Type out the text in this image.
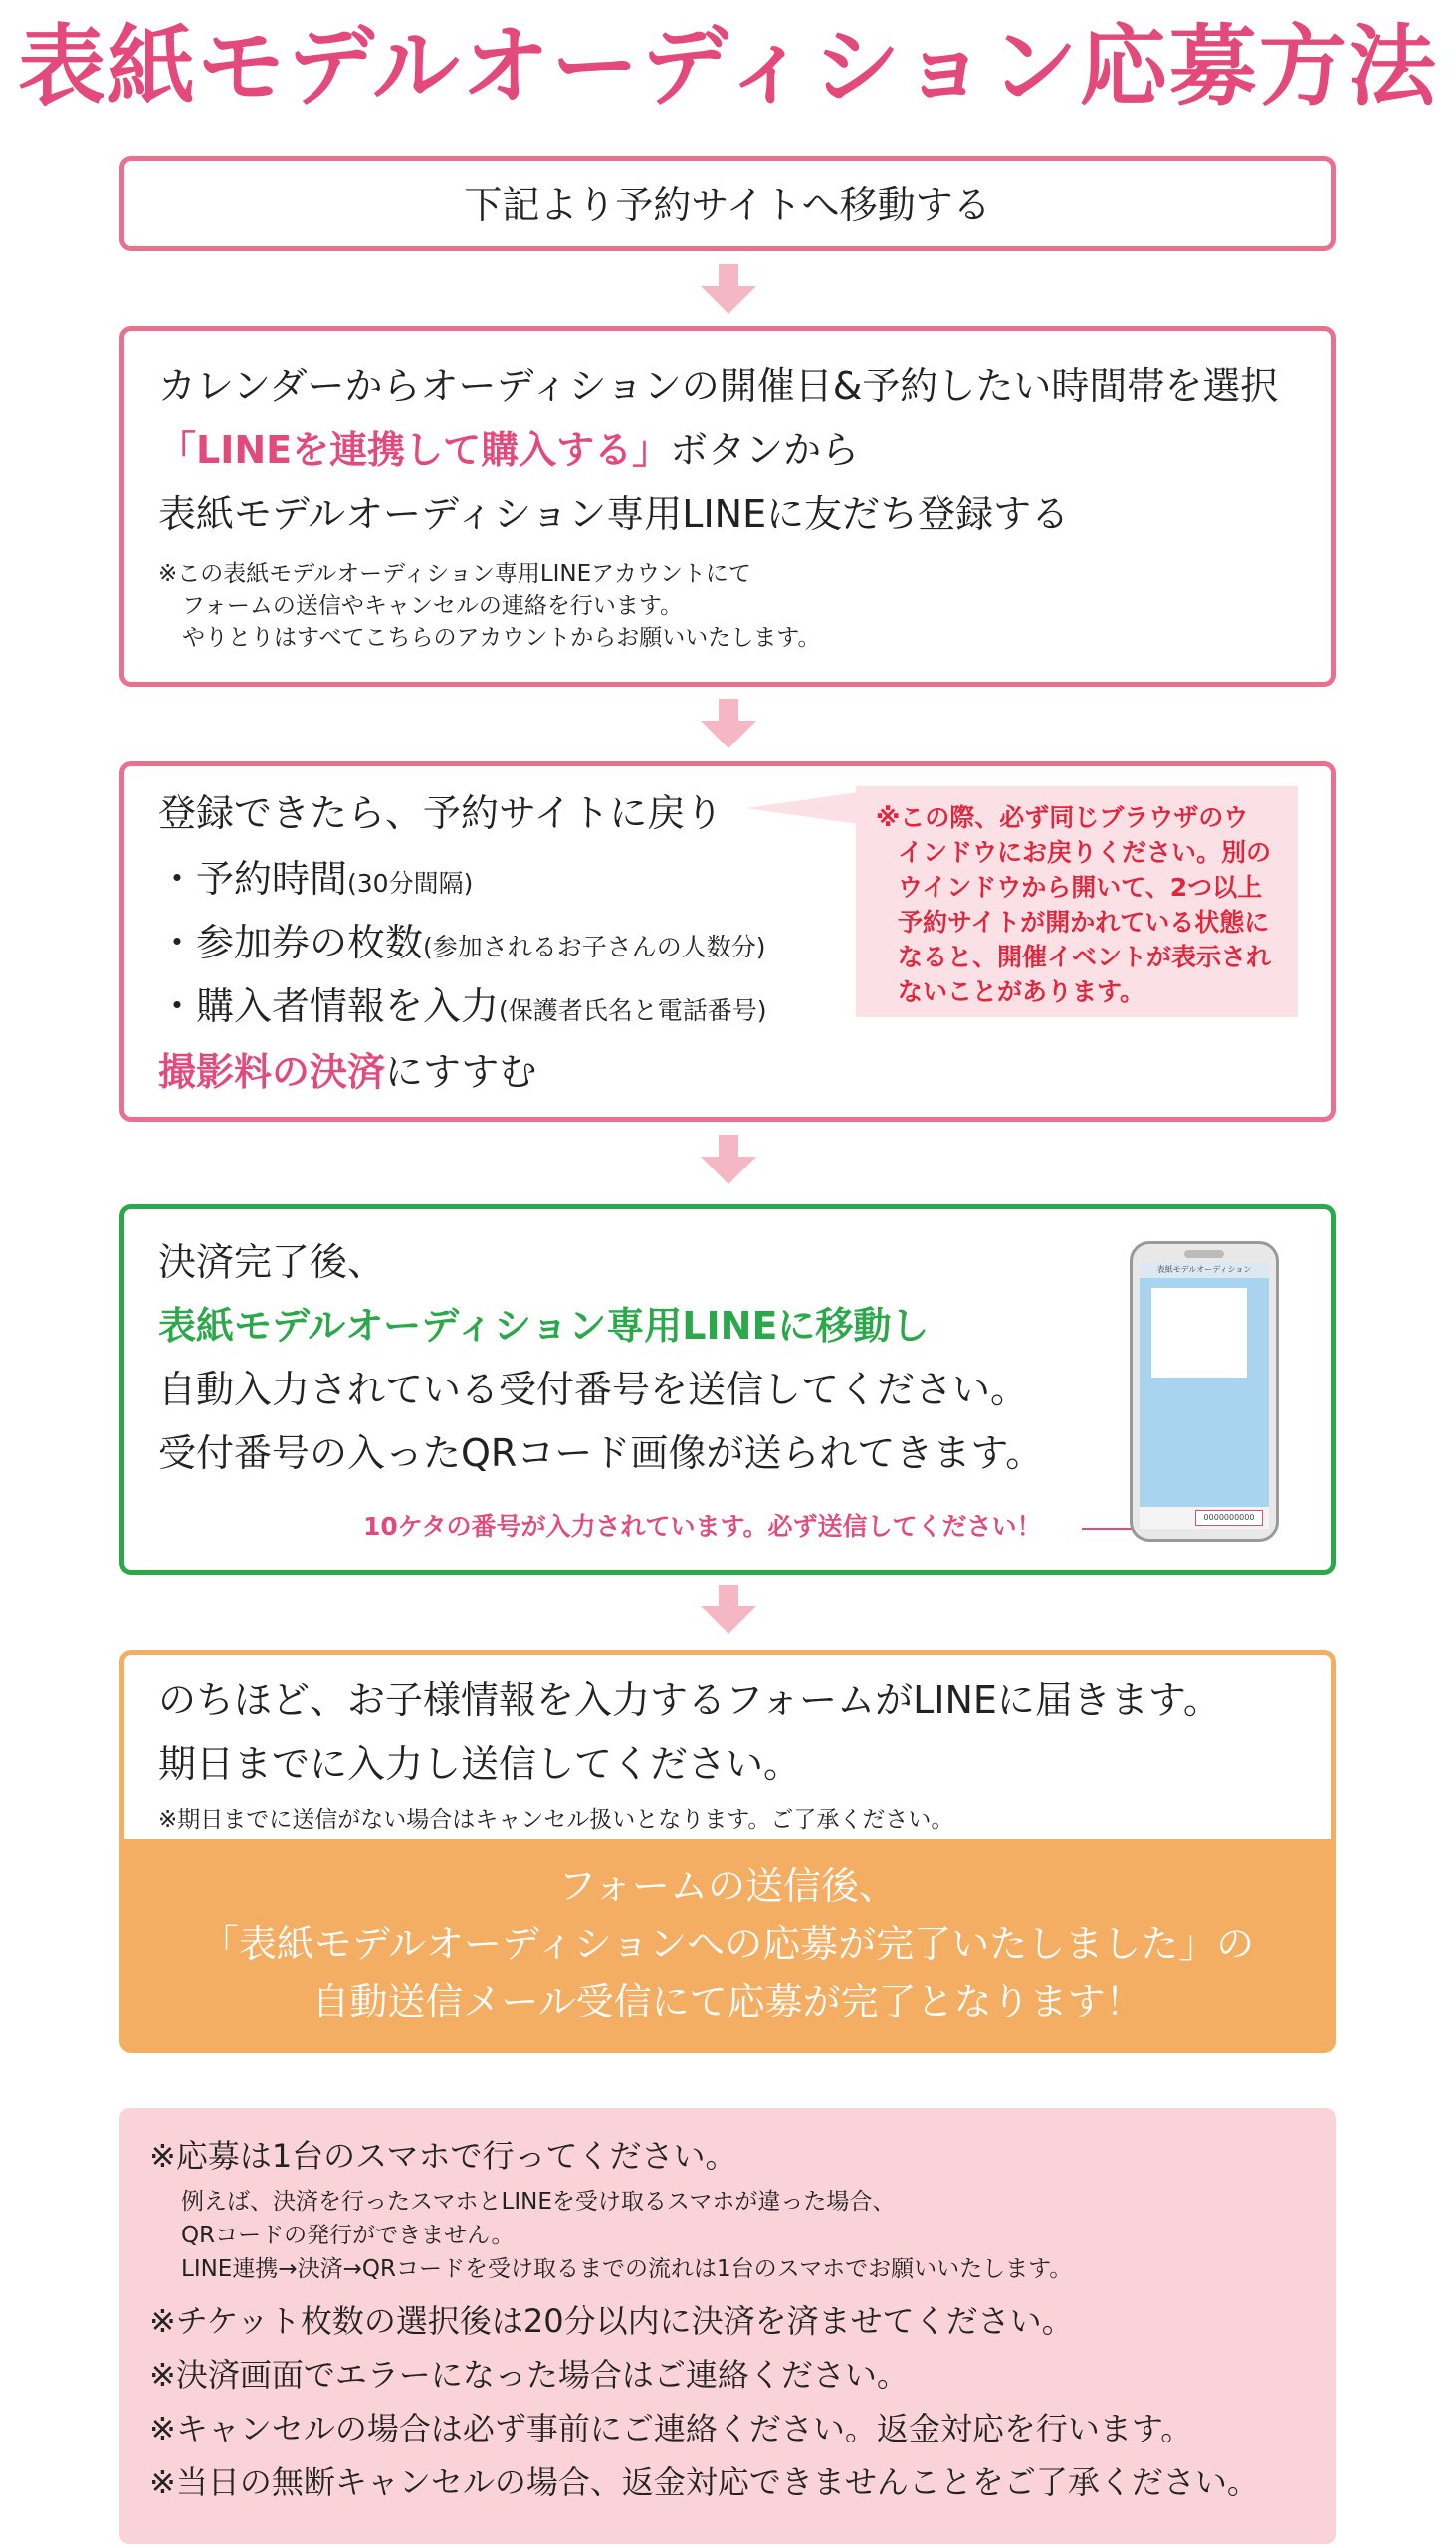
表紙モデルオーディション応募方法
下記より予約サイトへ移動する
カレンダーからオーディションの開催日&予約したい時間帯を選択
「LINEを連携して購入する」ボタンから
表紙モデルオーディション専用LINEに友だち登録する
※この表紙モデルオーディション専用LINEアカウントにて
フォームの送信やキャンセルの連絡を行います。
やりとりはすべてこちらのアカウントからお願いいたします。
登録できたら、予約サイトに戻り
・予約時間(30分間隔)
・参加券の枚数(参加されるお子さんの人数分)
・購入者情報を入力(保護者氏名と電話番号)
撮影料の決済にすすむ
※この際、必ず同じブラウザのウ
インドウにお戻りください。別の
ウインドウから開いて、2つ以上
予約サイトが開かれている状態に
なると、開催イベントが表示され
ないことがあります。
決済完了後、
表紙モデルオーディション専用LINEに移動し
自動入力されている受付番号を送信してください。
受付番号の入ったQRコード画像が送られてきます。
10ケタの番号が入力されています。必ず送信してください！
表紙モデルオーディション
0000000000
のちほど、お子様情報を入力するフォームがLINEに届きます。
期日までに入力し送信してください。
※期日までに送信がない場合はキャンセル扱いとなります。ご了承ください。
フォームの送信後、
「表紙モデルオーディションへの応募が完了いたしました」の
自動送信メール受信にて応募が完了となります！
※応募は1台のスマホで行ってください。
例えば、決済を行ったスマホとLINEを受け取るスマホが違った場合、
QRコードの発行ができません。
LINE連携→決済→QRコードを受け取るまでの流れは1台のスマホでお願いいたします。
※チケット枚数の選択後は20分以内に決済を済ませてください。
※決済画面でエラーになった場合はご連絡ください。
※キャンセルの場合は必ず事前にご連絡ください。返金対応を行います。
※当日の無断キャンセルの場合、返金対応できませんことをご了承ください。
